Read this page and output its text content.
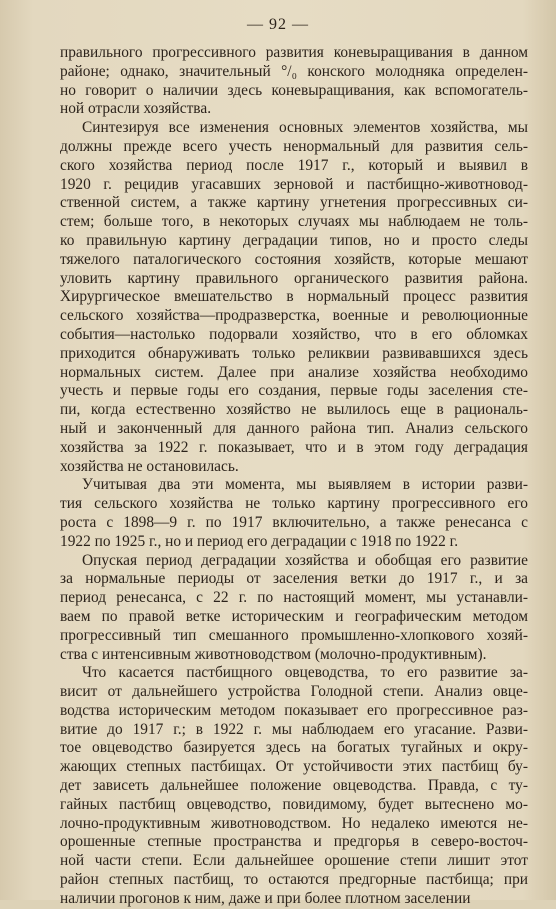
— 92 —
правильного прогрессивного развития коневыращивания в данном
районе; однако, значительный °/₀ конского молодняка определен-
но говорит о наличии здесь коневыращивания, как вспомогатель-
ной отрасли хозяйства.
Синтезируя все изменения основных элементов хозяйства, мы
должны прежде всего учесть ненормальный для развития сель-
ского хозяйства период после 1917 г., который и выявил в
1920 г. рецидив угасавших зерновой и пастбищно-животновод-
ственной систем, а также картину угнетения прогрессивных си-
стем; больше того, в некоторых случаях мы наблюдаем не толь-
ко правильную картину деградации типов, но и просто следы
тяжелого паталогического состояния хозяйств, которые мешают
уловить картину правильного органического развития района.
Хирургическое вмешательство в нормальный процесс развития
сельского хозяйства—продразверстка, военные и революционные
события—настолько подорвали хозяйство, что в его обломках
приходится обнаруживать только реликвии развивавшихся здесь
нормальных систем. Далее при анализе хозяйства необходимо
учесть и первые годы его создания, первые годы заселения сте-
пи, когда естественно хозяйство не вылилось еще в рациональ-
ный и законченный для данного района тип. Анализ сельского
хозяйства за 1922 г. показывает, что и в этом году деградация
хозяйства не остановилась.
Учитывая два эти момента, мы выявляем в истории разви-
тия сельского хозяйства не только картину прогрессивного его
роста с 1898—9 г. по 1917 включительно, а также ренесанса с
1922 по 1925 г., но и период его деградации с 1918 по 1922 г.
Опуская период деградации хозяйства и обобщая его развитие
за нормальные периоды от заселения ветки до 1917 г., и за
период ренесанса, с 22 г. по настоящий момент, мы устанавли-
ваем по правой ветке историческим и географическим методом
прогрессивный тип смешанного промышленно-хлопкового хозяй-
ства с интенсивным животноводством (молочно-продуктивным).
Что касается пастбищного овцеводства, то его развитие за-
висит от дальнейшего устройства Голодной степи. Анализ овце-
водства историческим методом показывает его прогрессивное раз-
витие до 1917 г.; в 1922 г. мы наблюдаем его угасание. Разви-
тое овцеводство базируется здесь на богатых тугайных и окру-
жающих степных пастбищах. От устойчивости этих пастбищ бу-
дет зависеть дальнейшее положение овцеводства. Правда, с ту-
гайных пастбищ овцеводство, повидимому, будет вытеснено мо-
лочно-продуктивным животноводством. Но недалеко имеются не-
орошенные степные пространства и предгорья в северо-восточ-
ной части степи. Если дальнейшее орошение степи лишит этот
район степных пастбищ, то остаются предгорные пастбища; при
наличии прогонов к ним, даже и при более плотном заселении
